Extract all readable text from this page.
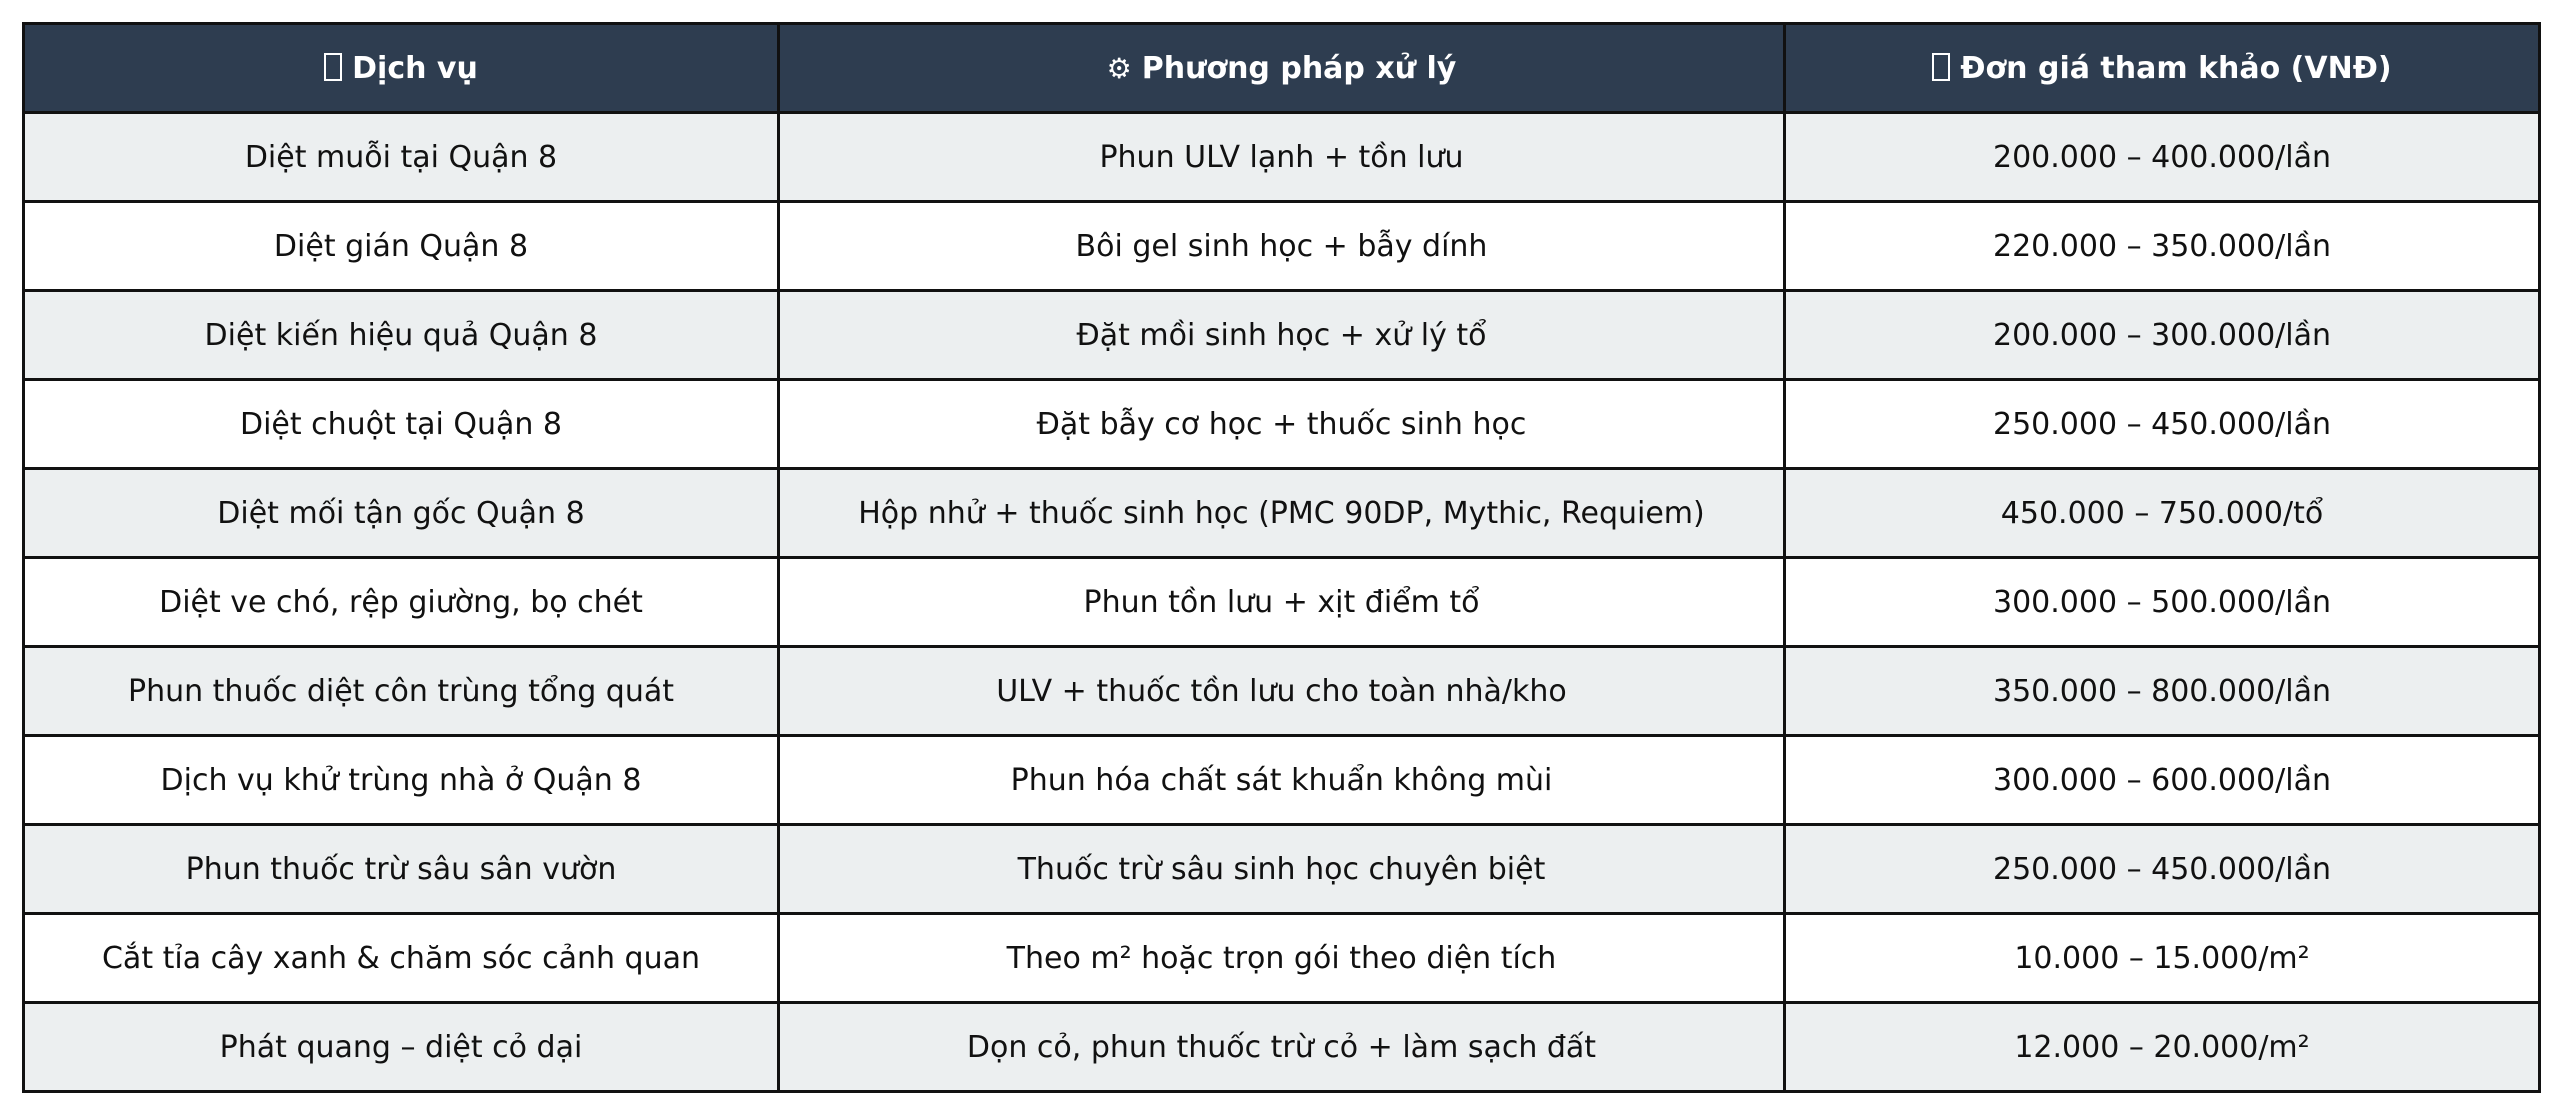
Dịch vụ	⚙ Phương pháp xử lý	Đơn giá tham khảo (VNĐ)
Diệt muỗi tại Quận 8	Phun ULV lạnh + tồn lưu	200.000 – 400.000/lần
Diệt gián Quận 8	Bôi gel sinh học + bẫy dính	220.000 – 350.000/lần
Diệt kiến hiệu quả Quận 8	Đặt mồi sinh học + xử lý tổ	200.000 – 300.000/lần
Diệt chuột tại Quận 8	Đặt bẫy cơ học + thuốc sinh học	250.000 – 450.000/lần
Diệt mối tận gốc Quận 8	Hộp nhử + thuốc sinh học (PMC 90DP, Mythic, Requiem)	450.000 – 750.000/tổ
Diệt ve chó, rệp giường, bọ chét	Phun tồn lưu + xịt điểm tổ	300.000 – 500.000/lần
Phun thuốc diệt côn trùng tổng quát	ULV + thuốc tồn lưu cho toàn nhà/kho	350.000 – 800.000/lần
Dịch vụ khử trùng nhà ở Quận 8	Phun hóa chất sát khuẩn không mùi	300.000 – 600.000/lần
Phun thuốc trừ sâu sân vườn	Thuốc trừ sâu sinh học chuyên biệt	250.000 – 450.000/lần
Cắt tỉa cây xanh & chăm sóc cảnh quan	Theo m² hoặc trọn gói theo diện tích	10.000 – 15.000/m²
Phát quang – diệt cỏ dại	Dọn cỏ, phun thuốc trừ cỏ + làm sạch đất	12.000 – 20.000/m²
